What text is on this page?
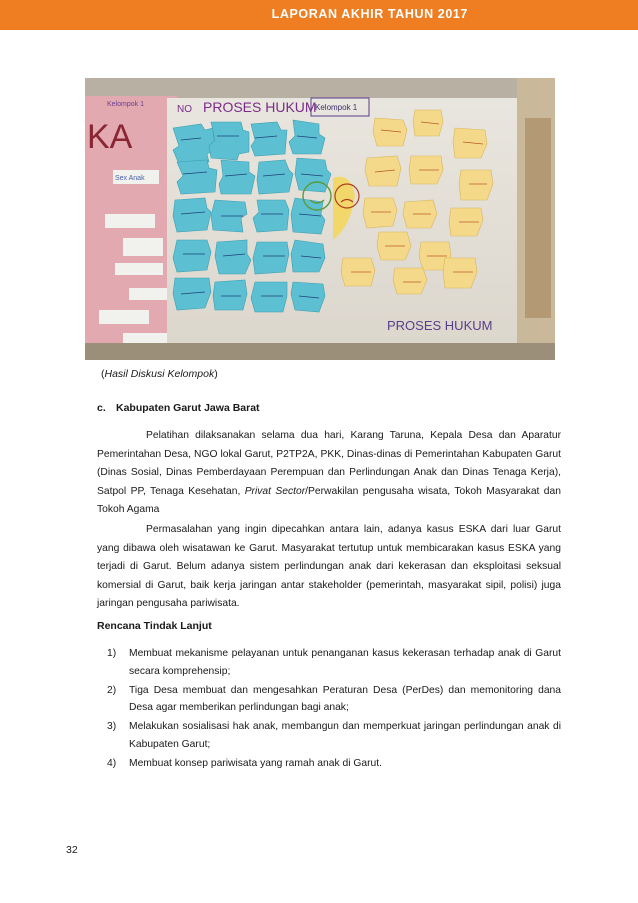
LAPORAN AKHIR TAHUN 2017
KA
Sex Anak
Kelompok 1	NO PROSES HUKUM
Kelompok 1
PROSES HUKUM
(Hasil Diskusi Kelompok)
c. Kabupaten Garut Jawa Barat
Pelatihan dilaksanakan selama dua hari, Karang Taruna, Kepala Desa dan Aparatur Pemerintahan Desa, NGO lokal Garut, P2TP2A, PKK, Dinas-dinas di Pemerintahan Kabupaten Garut (Dinas Sosial, Dinas Pemberdayaan Perempuan dan Perlindungan Anak dan Dinas Tenaga Kerja), Satpol PP, Tenaga Kesehatan, Privat Sector/Perwakilan pengusaha wisata, Tokoh Masyarakat dan Tokoh Agama
Permasalahan yang ingin dipecahkan antara lain, adanya kasus ESKA dari luar Garut yang dibawa oleh wisatawan ke Garut. Masyarakat tertutup untuk membicarakan kasus ESKA yang terjadi di Garut. Belum adanya sistem perlindungan anak dari kekerasan dan eksploitasi seksual komersial di Garut, baik kerja jaringan antar stakeholder (pemerintah, masyarakat sipil, polisi) juga jaringan pengusaha pariwisata.
Rencana Tindak Lanjut
1) Membuat mekanisme pelayanan untuk penanganan kasus kekerasan terhadap anak di Garut secara komprehensip;
2) Tiga Desa membuat dan mengesahkan Peraturan Desa (PerDes) dan memonitoring dana Desa agar memberikan perlindungan bagi anak;
3) Melakukan sosialisasi hak anak, membangun dan memperkuat jaringan perlindungan anak di Kabupaten Garut;
4) Membuat konsep pariwisata yang ramah anak di Garut.
32
